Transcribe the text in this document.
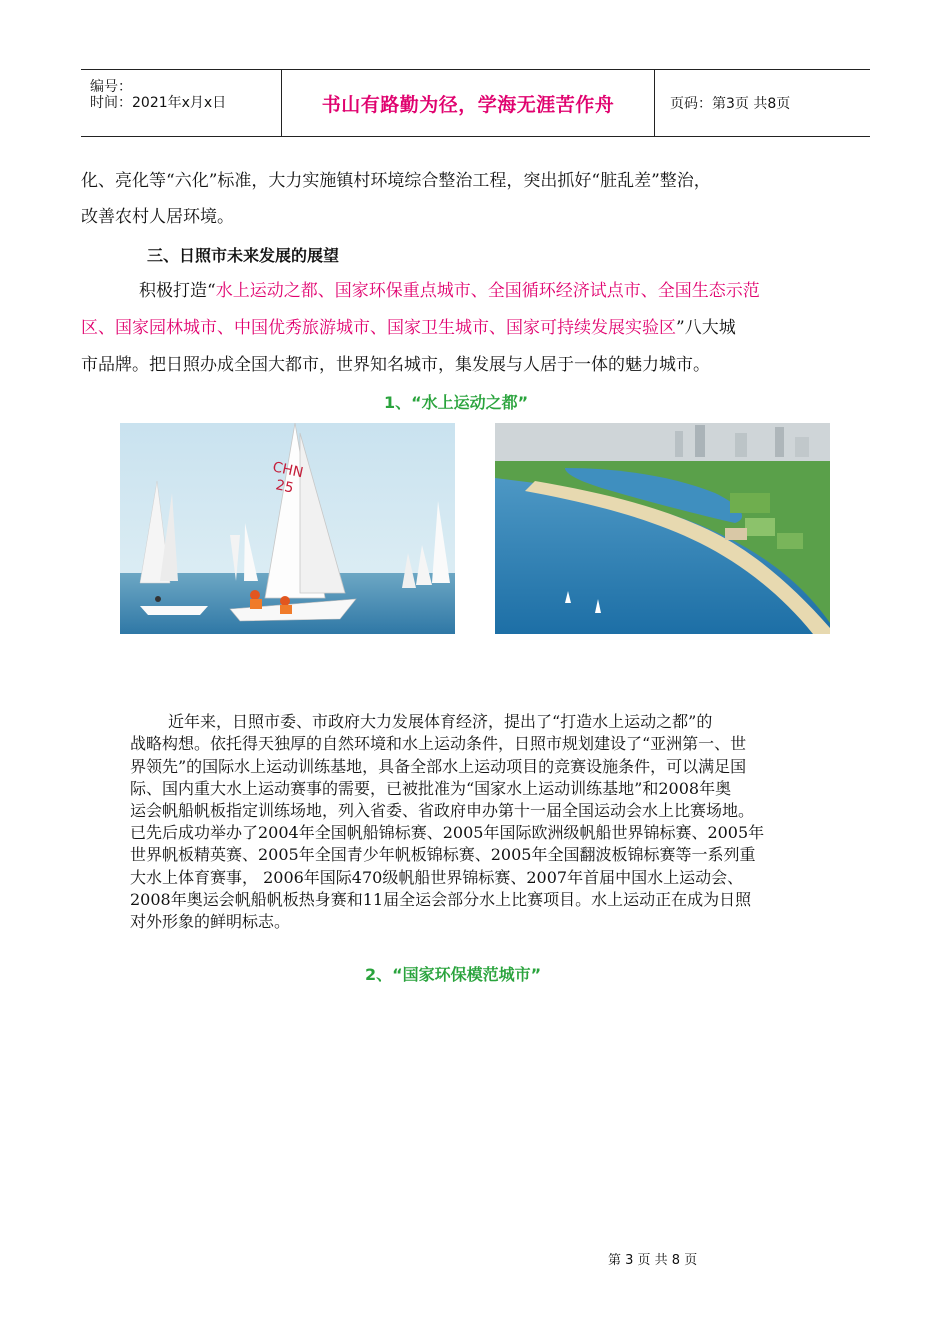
编号：
时间：2021年x月x日	书山有路勤为径，学海无涯苦作舟	页码：第3页 共8页
化、亮化等“六化”标准，大力实施镇村环境综合整治工程，突出抓好“脏乱差”整治，
改善农村人居环境。
三、日照市未来发展的展望
积极打造“水上运动之都、国家环保重点城市、全国循环经济试点市、全国生态示范
区、国家园林城市、中国优秀旅游城市、国家卫生城市、国家可持续发展实验区”八大城
市品牌。把日照办成全国大都市，世界知名城市，集发展与人居于一体的魅力城市。
1、“水上运动之都”
CHN
25
近年来，日照市委、市政府大力发展体育经济，提出了“打造水上运动之都”的
战略构想。依托得天独厚的自然环境和水上运动条件，日照市规划建设了“亚洲第一、世
界领先”的国际水上运动训练基地，具备全部水上运动项目的竞赛设施条件，可以满足国
际、国内重大水上运动赛事的需要，已被批准为“国家水上运动训练基地”和2008年奥
运会帆船帆板指定训练场地，列入省委、省政府申办第十一届全国运动会水上比赛场地。
已先后成功举办了2004年全国帆船锦标赛、2005年国际欧洲级帆船世界锦标赛、2005年
世界帆板精英赛、2005年全国青少年帆板锦标赛、2005年全国翻波板锦标赛等一系列重
大水上体育赛事， 2006年国际470级帆船世界锦标赛、2007年首届中国水上运动会、
2008年奥运会帆船帆板热身赛和11届全运会部分水上比赛项目。水上运动正在成为日照
对外形象的鲜明标志。
2、“国家环保模范城市”
第 3 页 共 8 页
